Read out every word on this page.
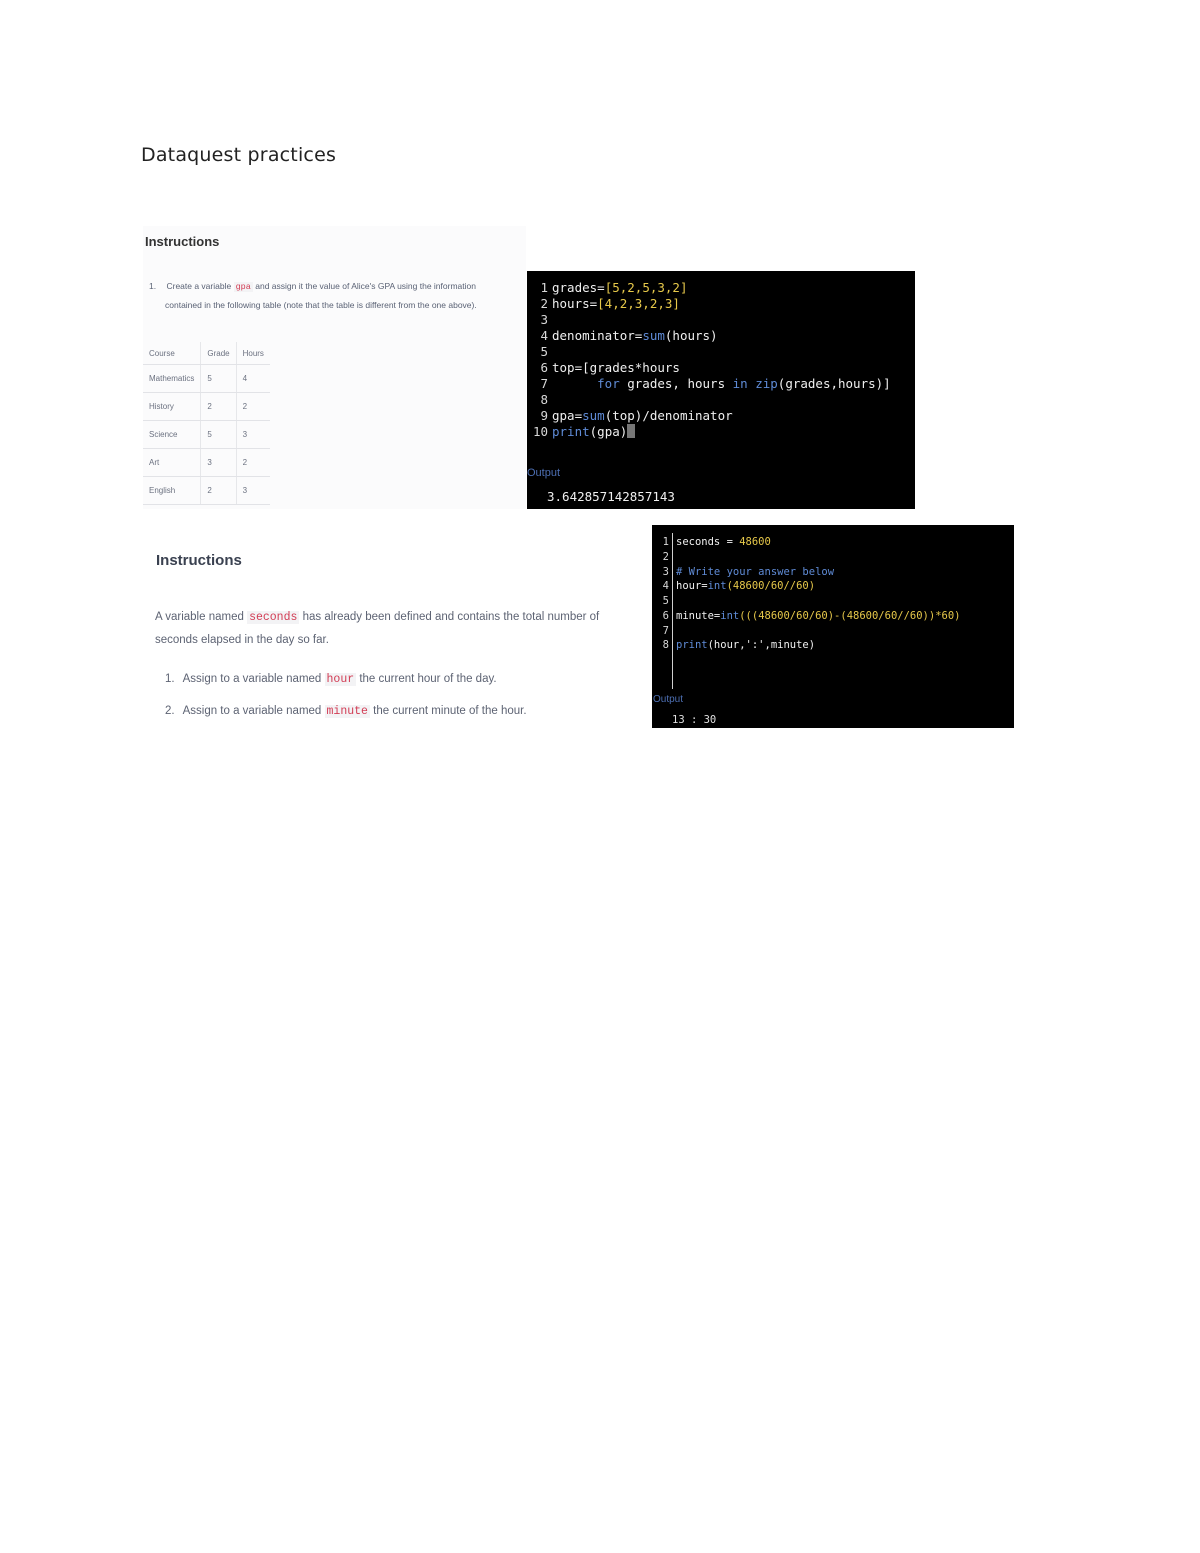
Dataquest practices
Instructions
1. Create a variable gpa and assign it the value of Alice's GPA using the information
contained in the following table (note that the table is different from the one above).
Course	Grade	Hours
Mathematics	5	4
History	2	2
Science	5	3
Art	3	2
English	2	3
1 grades=[5,2,5,3,2]
2 hours=[4,2,3,2,3]
3
4 denominator=sum(hours)
5
6 top=[grades*hours
7	for grades, hours in zip(grades,hours)]
8
9 gpa=sum(top)/denominator
10 print(gpa)
Output
3.642857142857143
Instructions
A variable named seconds has already been defined and contains the total number of
seconds elapsed in the day so far.
1. Assign to a variable named hour the current hour of the day.
2. Assign to a variable named minute the current minute of the hour.
1 seconds = 48600
2
3 # Write your answer below
4 hour=int(48600/60//60)
5
6 minute=int(((48600/60/60)-(48600/60//60))*60)
7
8 print(hour,':',minute)
Output
13 : 30
